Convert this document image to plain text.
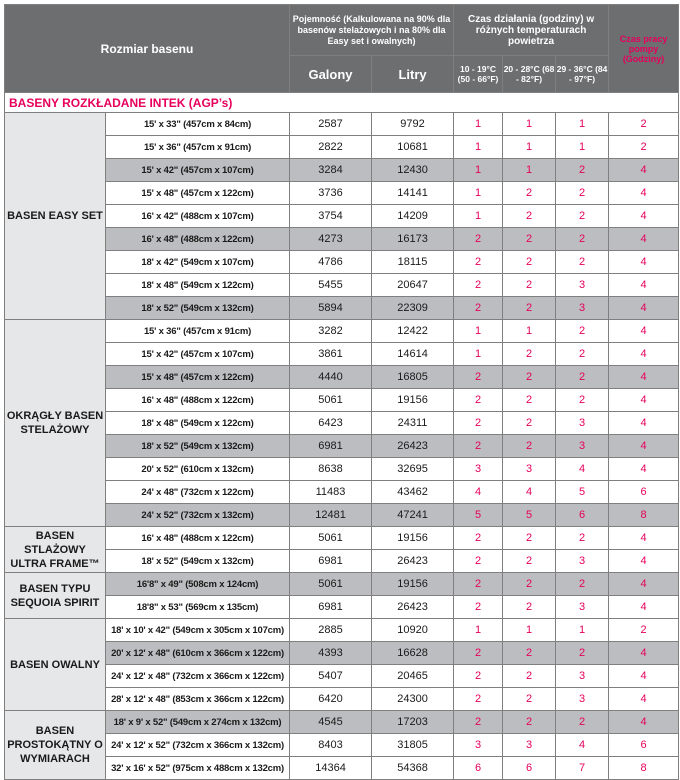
Rozmiar basenu		Pojemność (Kalkulowana na 90% dla basenów stelażowych i na 80% dla Easy set i owalnych)		Czas działania (godziny) w różnych temperaturach powietrza			Czas pracy pompy (Godziny)
		Galony	Litry	10 - 19°C (50 - 66°F)	20 - 28°C (68 - 82°F)	29 - 36°C (84 - 97°F)	
BASENY ROZKŁADANE INTEK (AGP’s)							
BASEN EASY SET	15' x 33" (457cm x 84cm)	2587	9792	1	1	1	2
	15' x 36" (457cm x 91cm)	2822	10681	1	1	1	2
	15' x 42" (457cm x 107cm)	3284	12430	1	1	2	4
	15' x 48" (457cm x 122cm)	3736	14141	1	2	2	4
	16' x 42" (488cm x 107cm)	3754	14209	1	2	2	4
	16' x 48" (488cm x 122cm)	4273	16173	2	2	2	4
	18' x 42" (549cm x 107cm)	4786	18115	2	2	2	4
	18' x 48" (549cm x 122cm)	5455	20647	2	2	3	4
	18' x 52" (549cm x 132cm)	5894	22309	2	2	3	4
OKRĄGŁY BASEN STELAŻOWY	15' x 36" (457cm x 91cm)	3282	12422	1	1	2	4
	15' x 42" (457cm x 107cm)	3861	14614	1	2	2	4
	15' x 48" (457cm x 122cm)	4440	16805	2	2	2	4
	16' x 48" (488cm x 122cm)	5061	19156	2	2	2	4
	18' x 48" (549cm x 122cm)	6423	24311	2	2	3	4
	18' x 52" (549cm x 132cm)	6981	26423	2	2	3	4
	20' x 52" (610cm x 132cm)	8638	32695	3	3	4	4
	24' x 48" (732cm x 122cm)	11483	43462	4	4	5	6
	24' x 52" (732cm x 132cm)	12481	47241	5	5	6	8
BASEN STLAŻOWY ULTRA FRAME™	16' x 48" (488cm x 122cm)	5061	19156	2	2	2	4
	18' x 52" (549cm x 132cm)	6981	26423	2	2	3	4
BASEN TYPU SEQUOIA SPIRIT	16'8" x 49" (508cm x 124cm)	5061	19156	2	2	2	4
	18'8" x 53" (569cm x 135cm)	6981	26423	2	2	3	4
BASEN OWALNY	18' x 10' x 42" (549cm x 305cm x 107cm)	2885	10920	1	1	1	2
	20' x 12' x 48" (610cm x 366cm x 122cm)	4393	16628	2	2	2	4
	24' x 12' x 48" (732cm x 366cm x 122cm)	5407	20465	2	2	3	4
	28' x 12' x 48" (853cm x 366cm x 122cm)	6420	24300	2	2	3	4
BASEN PROSTOKĄTNY O WYMIARACH	18' x 9' x 52" (549cm x 274cm x 132cm)	4545	17203	2	2	2	4
	24' x 12' x 52" (732cm x 366cm x 132cm)	8403	31805	3	3	4	6
	32' x 16' x 52" (975cm x 488cm x 132cm)	14364	54368	6	6	7	8
